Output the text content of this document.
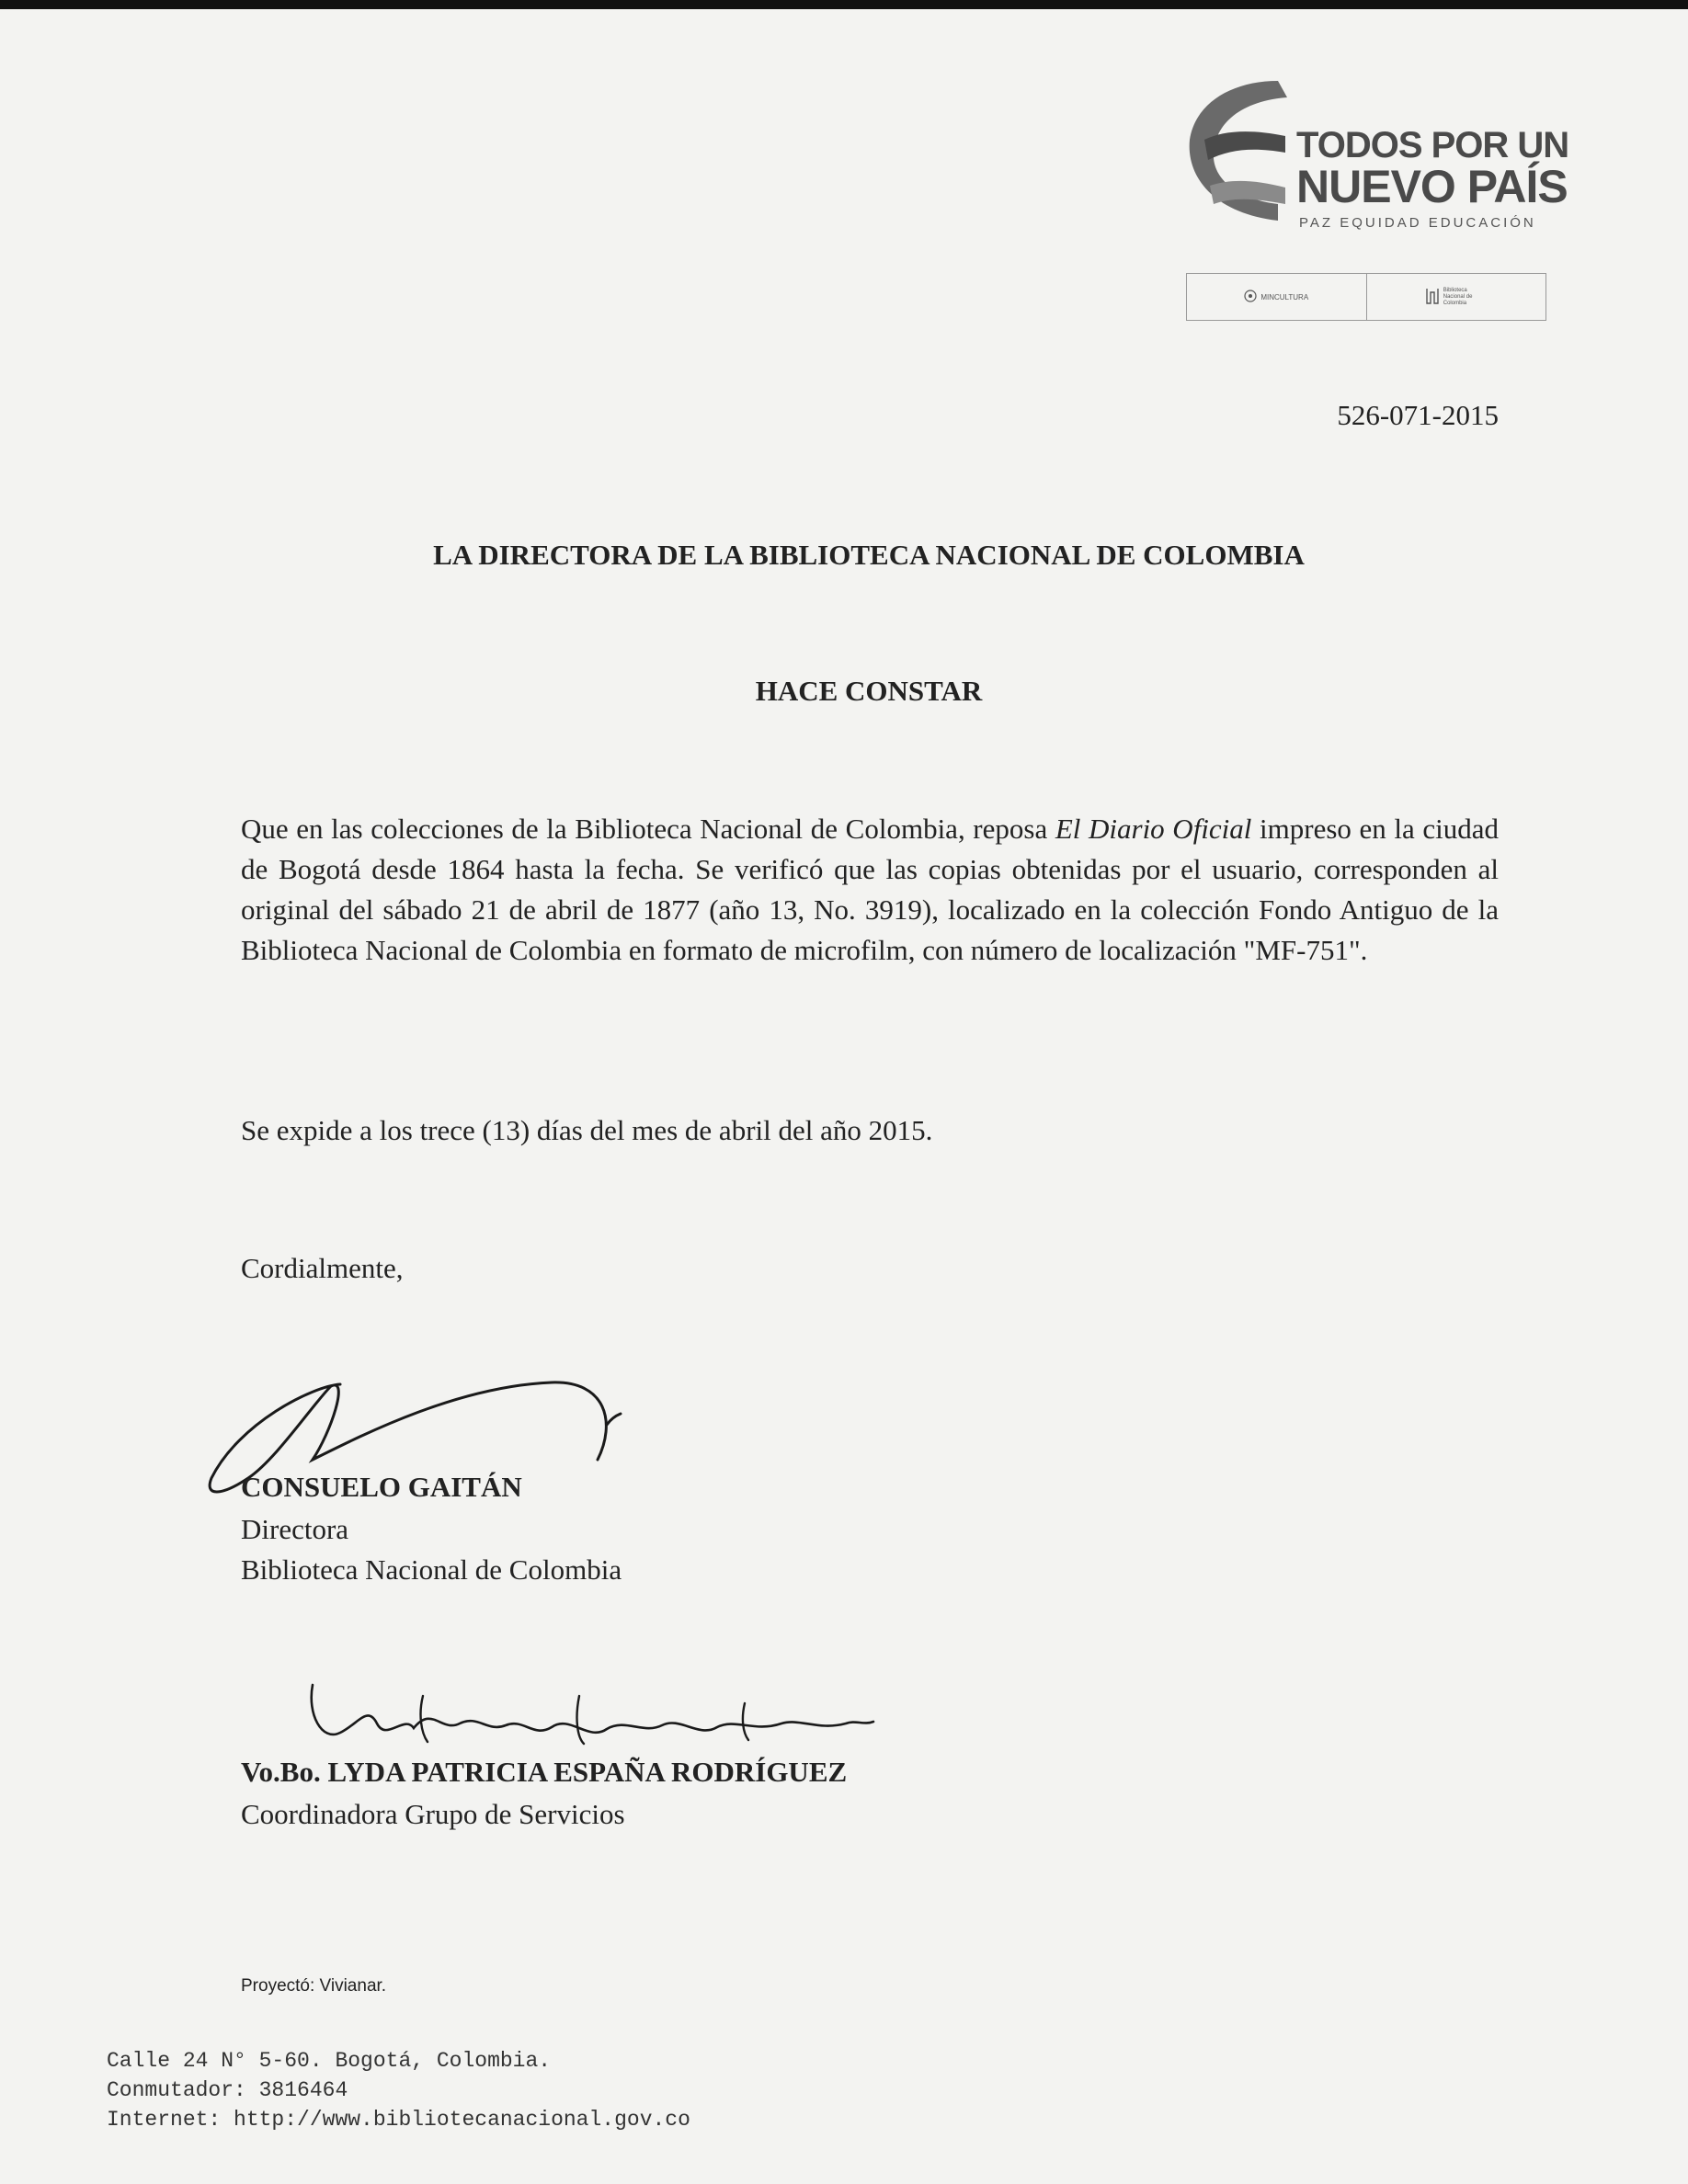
TODOS POR UN
NUEVO PAÍS
PAZ EQUIDAD EDUCACIÓN
MINCULTURA
Biblioteca Nacional de Colombia
526-071-2015
LA DIRECTORA DE LA BIBLIOTECA NACIONAL DE COLOMBIA
HACE CONSTAR
Que en las colecciones de la Biblioteca Nacional de Colombia, reposa El Diario Oficial impreso en la ciudad de Bogotá desde 1864 hasta la fecha. Se verificó que las copias obtenidas por el usuario, corresponden al original del sábado 21 de abril de 1877 (año 13, No. 3919), localizado en la colección Fondo Antiguo de la Biblioteca Nacional de Colombia en formato de microfilm, con número de localización "MF-751".
Se expide a los trece (13) días del mes de abril del año 2015.
Cordialmente,
CONSUELO GAITÁN
Directora
Biblioteca Nacional de Colombia
Vo.Bo. LYDA PATRICIA ESPAÑA RODRÍGUEZ
Coordinadora Grupo de Servicios
Proyectó: Vivianar.
Calle 24 N° 5-60. Bogotá, Colombia.
Conmutador: 3816464
Internet: http://www.bibliotecanacional.gov.co
